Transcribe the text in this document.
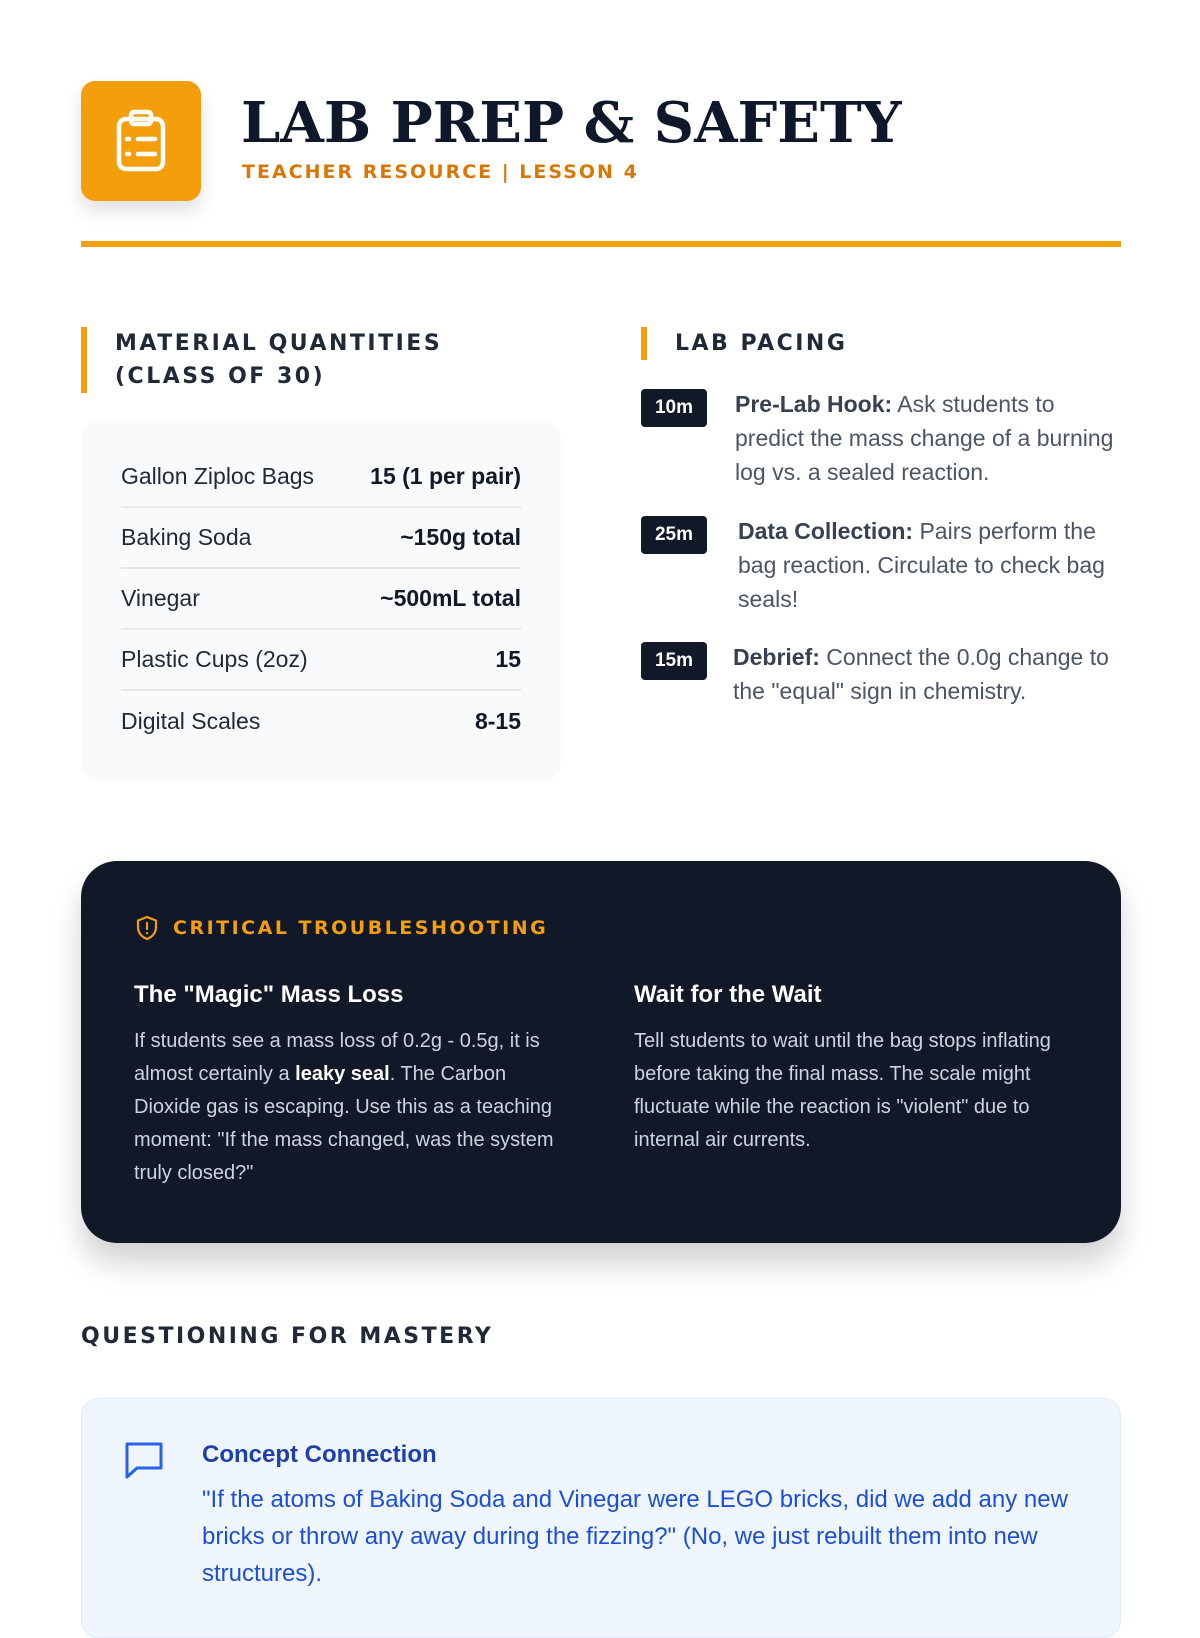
LAB PREP & SAFETY
TEACHER RESOURCE | LESSON 4
MATERIAL QUANTITIES (CLASS OF 30)
Gallon Ziploc Bags 15 (1 per pair)
Baking Soda	~150g total
Vinegar	~500mL total
Plastic Cups (2oz)	15
Digital Scales	8-15
LAB PACING
10m	Pre-Lab Hook: Ask students to predict the mass change of a burning log vs. a sealed reaction.
25m	Data Collection: Pairs perform the bag reaction. Circulate to check bag seals!
15m	Debrief: Connect the 0.0g change to the "equal" sign in chemistry.
CRITICAL TROUBLESHOOTING
The "Magic" Mass Loss

If students see a mass loss of 0.2g - 0.5g, it is almost certainly a leaky seal. The Carbon Dioxide gas is escaping. Use this as a teaching moment: "If the mass changed, was the system truly closed?"

Wait for the Wait

Tell students to wait until the bag stops inflating before taking the final mass. The scale might fluctuate while the reaction is "violent" due to internal air currents.

QUESTIONING FOR MASTERY
Concept Connection
"If the atoms of Baking Soda and Vinegar were LEGO bricks, did we add any new bricks or throw any away during the fizzing?" (No, we just rebuilt them into new structures).
